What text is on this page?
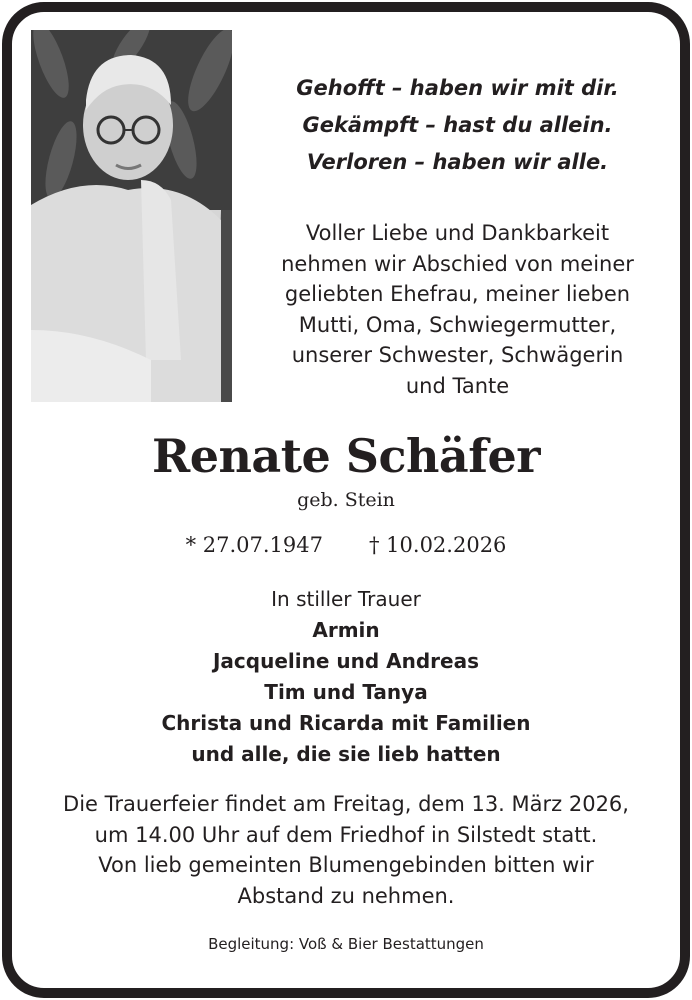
Gehofft – haben wir mit dir.
Gekämpft – hast du allein.
Verloren – haben wir alle.
Voller Liebe und Dankbarkeit
nehmen wir Abschied von meiner
geliebten Ehefrau, meiner lieben
Mutti, Oma, Schwiegermutter,
unserer Schwester, Schwägerin
und Tante
Renate Schäfer
geb. Stein
* 27.07.1947 † 10.02.2026
In stiller Trauer
Armin
Jacqueline und Andreas
Tim und Tanya
Christa und Ricarda mit Familien
und alle, die sie lieb hatten
Die Trauerfeier findet am Freitag, dem 13. März 2026,
um 14.00 Uhr auf dem Friedhof in Silstedt statt.
Von lieb gemeinten Blumengebinden bitten wir
Abstand zu nehmen.
Begleitung: Voß & Bier Bestattungen
